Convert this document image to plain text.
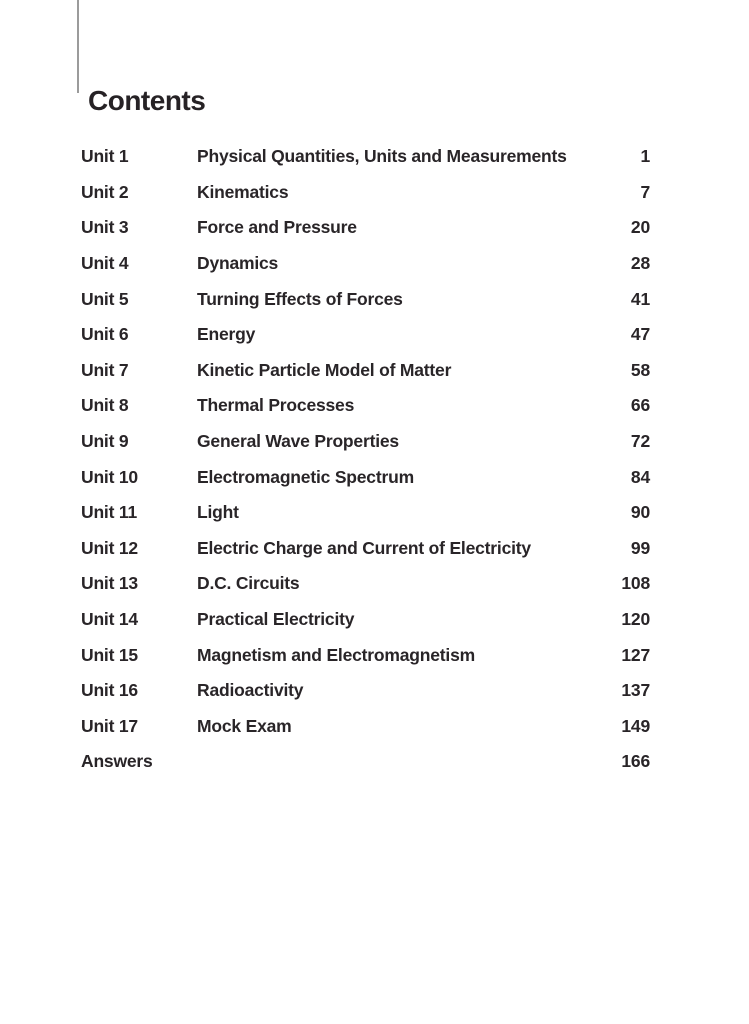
Contents
Unit 1	Physical Quantities, Units and Measurements	1
Unit 2	Kinematics	7
Unit 3	Force and Pressure	20
Unit 4	Dynamics	28
Unit 5	Turning Effects of Forces	41
Unit 6	Energy	47
Unit 7	Kinetic Particle Model of Matter	58
Unit 8	Thermal Processes	66
Unit 9	General Wave Properties	72
Unit 10	Electromagnetic Spectrum	84
Unit 11	Light	90
Unit 12	Electric Charge and Current of Electricity	99
Unit 13	D.C. Circuits	108
Unit 14	Practical Electricity	120
Unit 15	Magnetism and Electromagnetism	127
Unit 16	Radioactivity	137
Unit 17	Mock Exam	149
Answers	166
